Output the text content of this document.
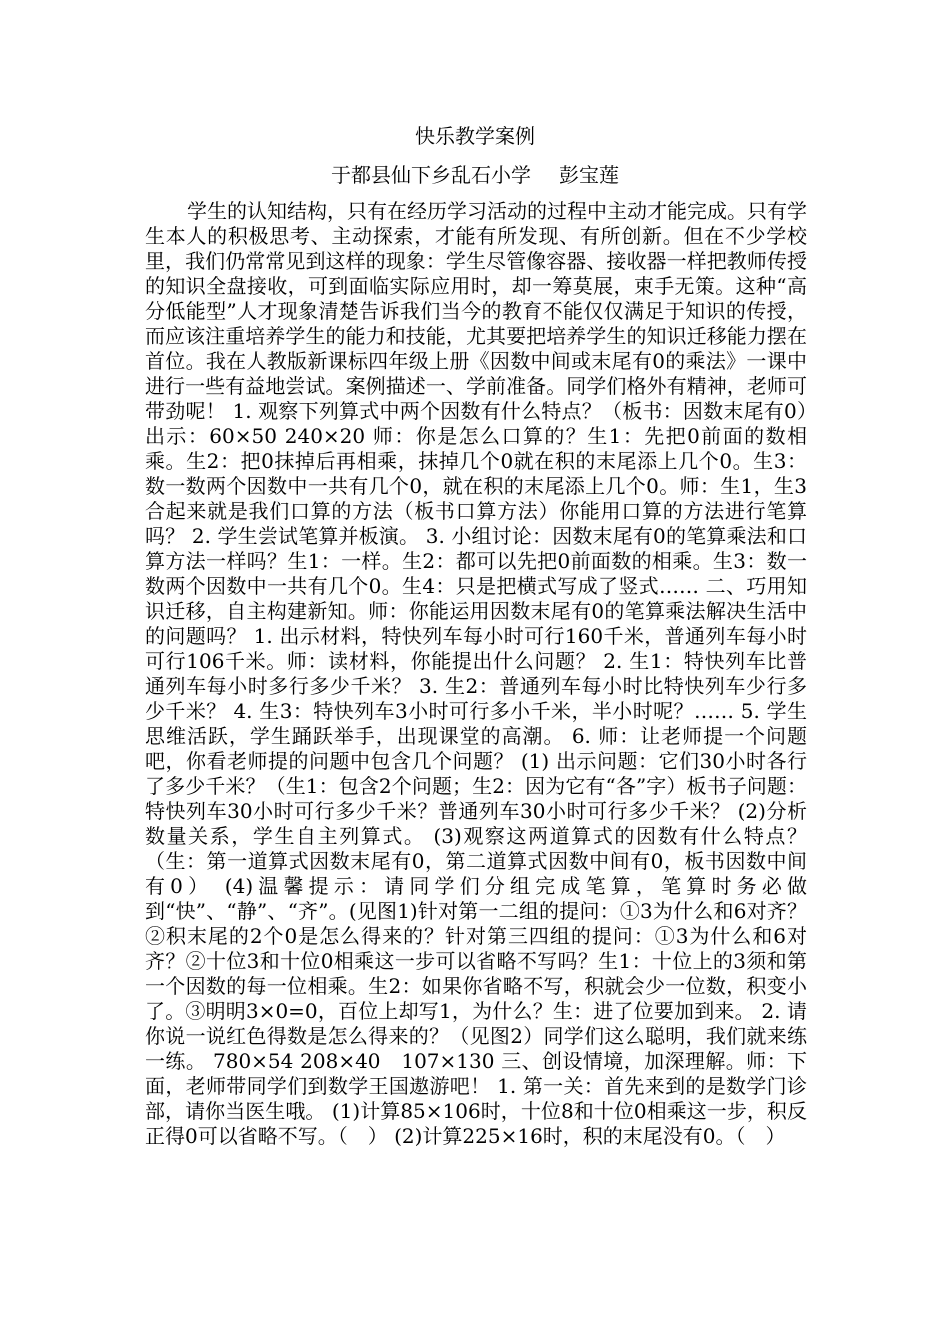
快乐教学案例
于都县仙下乡乱石小学 彭宝莲

学生的认知结构，只有在经历学习活动的过程中主动才能完成。只有学生本人的积极思考、主动探索，才能有所发现、有所创新。但在不少学校里，我们仍常常见到这样的现象：学生尽管像容器、接收器一样把教师传授的知识全盘接收，可到面临实际应用时，却一筹莫展，束手无策。这种“高分低能型”人才现象清楚告诉我们当今的教育不能仅仅满足于知识的传授，而应该注重培养学生的能力和技能，尤其要把培养学生的知识迁移能力摆在首位。我在人教版新课标四年级上册《因数中间或末尾有0的乘法》一课中进行一些有益地尝试。案例描述一、学前准备。同学们格外有精神，老师可带劲呢！ 1. 观察下列算式中两个因数有什么特点？（板书：因数末尾有0）出示：60×50 240×20 师：你是怎么口算的？生1：先把0前面的数相乘。生2：把0抹掉后再相乘，抹掉几个0就在积的末尾添上几个0。生3：数一数两个因数中一共有几个0，就在积的末尾添上几个0。师：生1，生3合起来就是我们口算的方法（板书口算方法）你能用口算的方法进行笔算吗？ 2. 学生尝试笔算并板演。 3. 小组讨论：因数末尾有0的笔算乘法和口算方法一样吗？生1：一样。生2：都可以先把0前面数的相乘。生3：数一数两个因数中一共有几个0。生4：只是把横式写成了竖式…… 二、巧用知识迁移，自主构建新知。师：你能运用因数末尾有0的笔算乘法解决生活中的问题吗？ 1. 出示材料，特快列车每小时可行160千米，普通列车每小时可行106千米。师：读材料，你能提出什么问题？ 2. 生1：特快列车比普通列车每小时多行多少千米？ 3. 生2：普通列车每小时比特快列车少行多少千米？ 4. 生3：特快列车3小时可行多小千米，半小时呢？…… 5. 学生思维活跃，学生踊跃举手，出现课堂的高潮。 6. 师：让老师提一个问题吧，你看老师提的问题中包含几个问题？ (1) 出示问题：它们30小时各行了多少千米？（生1：包含2个问题；生2：因为它有“各”字）板书子问题：特快列车30小时可行多少千米？普通列车30小时可行多少千米？ (2)分析数量关系，学生自主列算式。 (3)观察这两道算式的因数有什么特点？（生：第一道算式因数末尾有0，第二道算式因数中间有0，板书因数中间有0） (4)温馨提示：请同学们分组完成笔算，笔算时务必做到“快”、“静”、“齐”。(见图1)针对第一二组的提问：①3为什么和6对齐？②积末尾的2个0是怎么得来的？针对第三四组的提问：①3为什么和6对齐？②十位3和十位0相乘这一步可以省略不写吗？生1：十位上的3须和第一个因数的每一位相乘。生2：如果你省略不写，积就会少一位数，积变小了。③明明3×0=0，百位上却写1，为什么？生：进了位要加到来。 2. 请你说一说红色得数是怎么得来的？（见图2）同学们这么聪明，我们就来练一练。 780×54 208×40　107×130 三、创设情境，加深理解。师：下面，老师带同学们到数学王国遨游吧！ 1. 第一关：首先来到的是数学门诊部，请你当医生哦。 (1)计算85×106时，十位8和十位0相乘这一步，积反正得0可以省略不写。（　） (2)计算225×16时，积的末尾没有0。（　）
